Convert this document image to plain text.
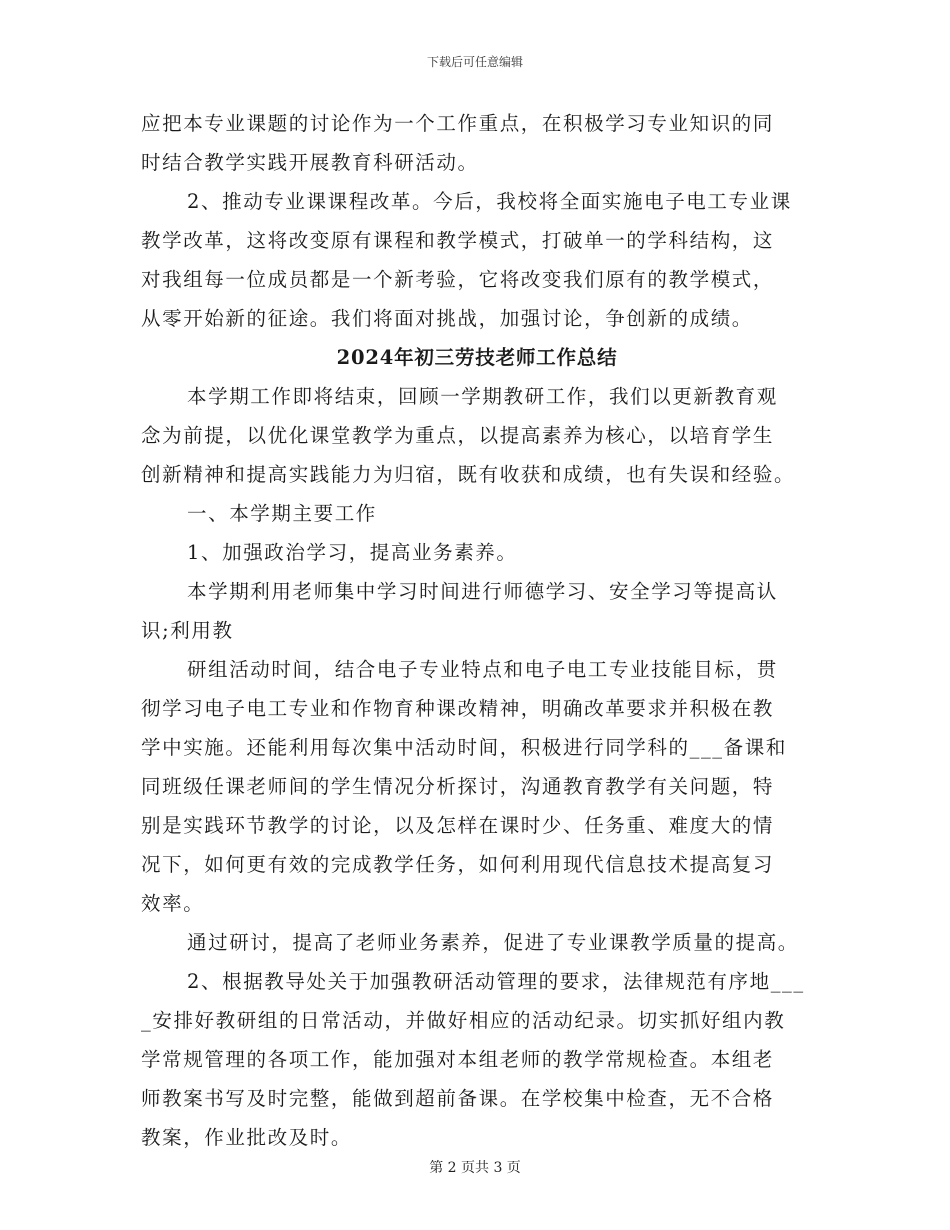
下载后可任意编辑
应把本专业课题的讨论作为一个工作重点，在积极学习专业知识的同
时结合教学实践开展教育科研活动。
2、推动专业课课程改革。今后，我校将全面实施电子电工专业课
教学改革，这将改变原有课程和教学模式，打破单一的学科结构，这
对我组每一位成员都是一个新考验，它将改变我们原有的教学模式，
从零开始新的征途。我们将面对挑战，加强讨论，争创新的成绩。
2024年初三劳技老师工作总结
本学期工作即将结束，回顾一学期教研工作，我们以更新教育观
念为前提，以优化课堂教学为重点，以提高素养为核心，以培育学生
创新精神和提高实践能力为归宿，既有收获和成绩，也有失误和经验。
一、本学期主要工作
1、加强政治学习，提高业务素养。
本学期利用老师集中学习时间进行师德学习、安全学习等提高认
识;利用教
研组活动时间，结合电子专业特点和电子电工专业技能目标，贯
彻学习电子电工专业和作物育种课改精神，明确改革要求并积极在教
学中实施。还能利用每次集中活动时间，积极进行同学科的___备课和
同班级任课老师间的学生情况分析探讨，沟通教育教学有关问题，特
别是实践环节教学的讨论，以及怎样在课时少、任务重、难度大的情
况下，如何更有效的完成教学任务，如何利用现代信息技术提高复习
效率。
通过研讨，提高了老师业务素养，促进了专业课教学质量的提高。
2、根据教导处关于加强教研活动管理的要求，法律规范有序地___
_安排好教研组的日常活动，并做好相应的活动纪录。切实抓好组内教
学常规管理的各项工作，能加强对本组老师的教学常规检查。本组老
师教案书写及时完整，能做到超前备课。在学校集中检查，无不合格
教案，作业批改及时。
第 2 页共 3 页
